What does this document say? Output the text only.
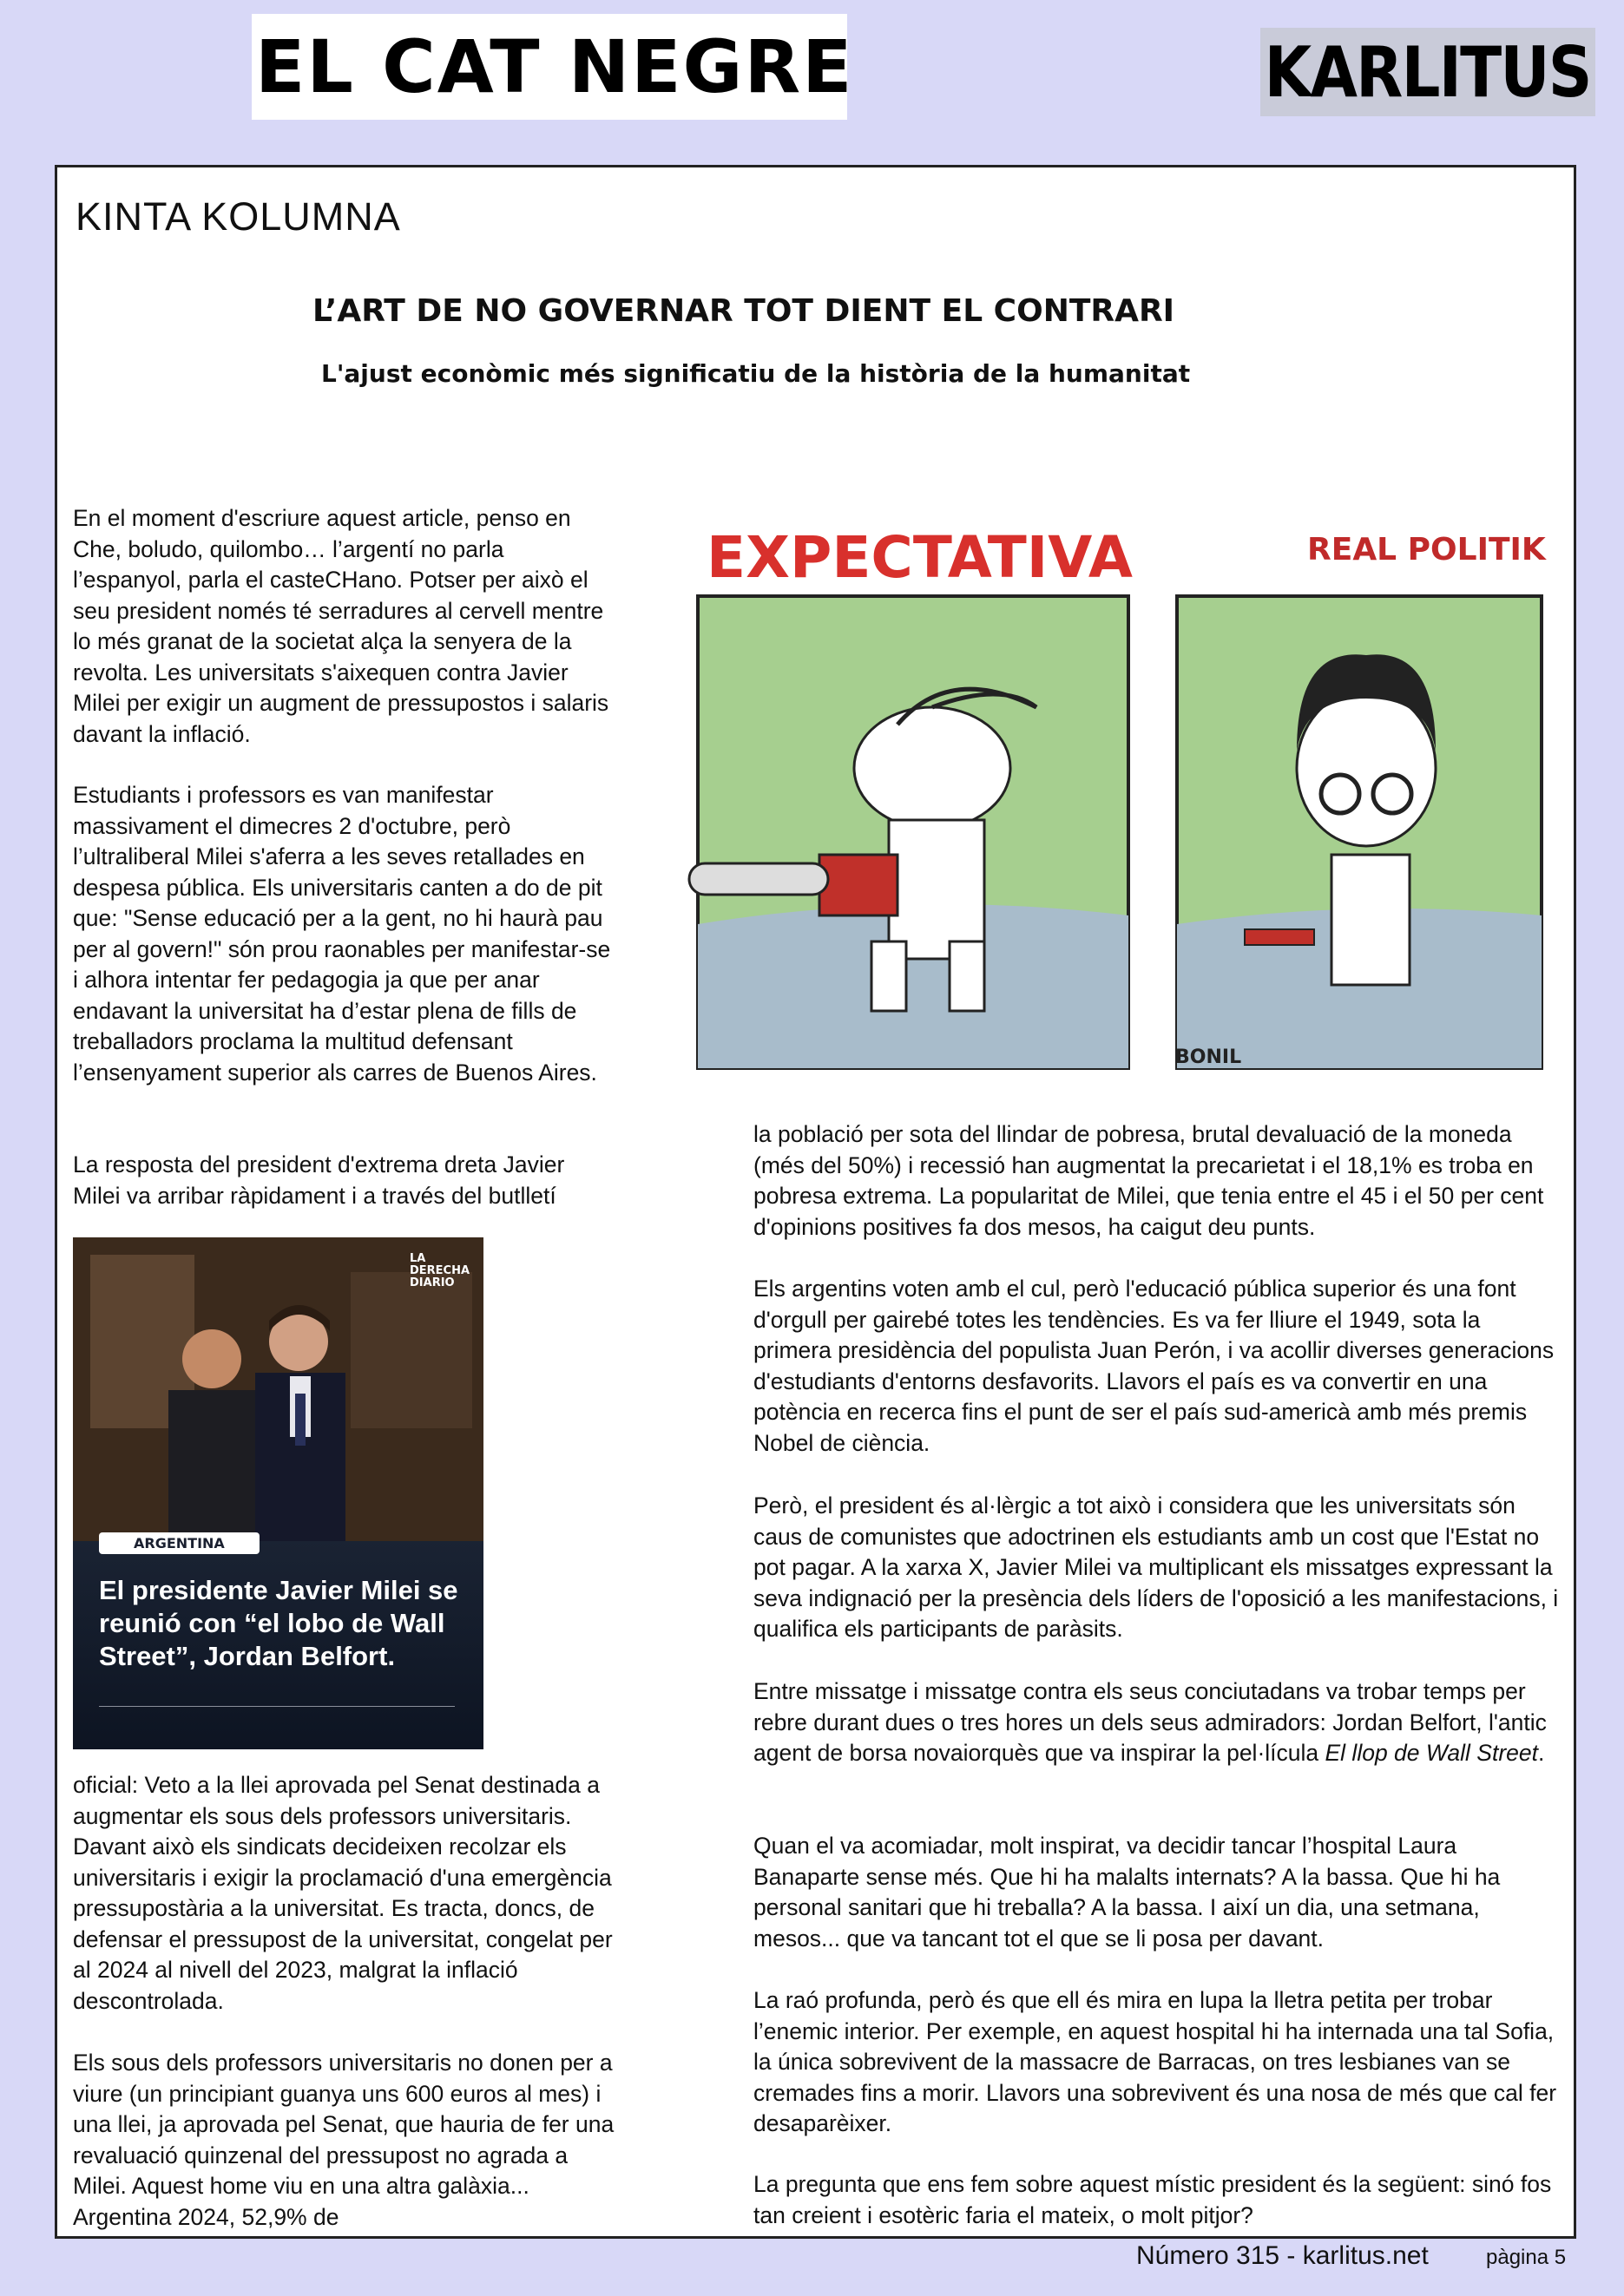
EL CAT NEGRE	KARLITUS
KINTA KOLUMNA
L’ART DE NO GOVERNAR TOT DIENT EL CONTRARI
L'ajust econòmic més significatiu de la història de la humanitat

En el moment d'escriure aquest article, penso en Che, boludo, quilombo… l’argentí no parla l’espanyol, parla el casteCHano. Potser per això el seu president només té serradures al cervell mentre lo més granat de la societat alça la senyera de la revolta. Les universitats s'aixequen contra Javier Milei per exigir un augment de pressupostos i salaris davant la inflació.

Estudiants i professors es van manifestar massivament el dimecres 2 d'octubre, però l’ultraliberal Milei s'aferra a les seves retallades en despesa pública. Els universitaris canten a do de pit que: "Sense educació per a la gent, no hi haurà pau per al govern!" són prou raonables per manifestar-se i alhora intentar fer pedagogia ja que per anar endavant la universitat ha d’estar plena de fills de treballadors proclama la multitud defensant l’ensenyament superior als carres de Buenos Aires.

La resposta del president d'extrema dreta Javier Milei va arribar ràpidament i a través del butlletí

LA DERECHA
DIARIO
ARGENTINA
El presidente Javier Milei se reunió con “el lobo de Wall Street”, Jordan Belfort.

oficial: Veto a la llei aprovada pel Senat destinada a augmentar els sous dels professors universitaris. Davant això els sindicats decideixen recolzar els universitaris i exigir la proclamació d'una emergència pressupostària a la universitat. Es tracta, doncs, de defensar el pressupost de la universitat, congelat per al 2024 al nivell del 2023, malgrat la inflació descontrolada.

Els sous dels professors universitaris no donen per a viure (un principiant guanya uns 600 euros al mes) i una llei, ja aprovada pel Senat, que hauria de fer una revaluació quinzenal del pressupost no agrada a Milei. Aquest home viu en una altra galàxia... Argentina 2024, 52,9% de

EXPECTATIVA	REAL POLITIK
BONIL

la població per sota del llindar de pobresa, brutal devaluació de la moneda (més del 50%) i recessió han augmentat la precarietat i el 18,1% es troba en pobresa extrema. La popularitat de Milei, que tenia entre el 45 i el 50 per cent d'opinions positives fa dos mesos, ha caigut deu punts.

Els argentins voten amb el cul, però l'educació pública superior és una font d'orgull per gairebé totes les tendències. Es va fer lliure el 1949, sota la primera presidència del populista Juan Perón, i va acollir diverses generacions d'estudiants d'entorns desfavorits. Llavors el país es va convertir en una potència en recerca fins el punt de ser el país sud-americà amb més premis Nobel de ciència.

Però, el president és al·lèrgic a tot això i considera que les universitats són caus de comunistes que adoctrinen els estudiants amb un cost que l'Estat no pot pagar. A la xarxa X, Javier Milei va multiplicant els missatges expressant la seva indignació per la presència dels líders de l'oposició a les manifestacions, i qualifica els participants de paràsits.

Entre missatge i missatge contra els seus conciutadans va trobar temps per rebre durant dues o tres hores un dels seus admiradors: Jordan Belfort, l'antic agent de borsa novaiorquès que va inspirar la pel·lícula El llop de Wall Street.

Quan el va acomiadar, molt inspirat, va decidir tancar l’hospital Laura Banaparte sense més. Que hi ha malalts internats? A la bassa. Que hi ha personal sanitari que hi treballa? A la bassa. I així un dia, una setmana, mesos... que va tancant tot el que se li posa per davant.

La raó profunda, però és que ell és mira en lupa la lletra petita per trobar l’enemic interior. Per exemple, en aquest hospital hi ha internada una tal Sofia, la única sobrevivent de la massacre de Barracas, on tres lesbianes van se cremades fins a morir. Llavors una sobrevivent és una nosa de més que cal fer desaparèixer.

La pregunta que ens fem sobre aquest místic president és la següent: sinó fos tan creient i esotèric faria el mateix, o molt pitjor?

Número 315 - karlitus.net	pàgina 5
